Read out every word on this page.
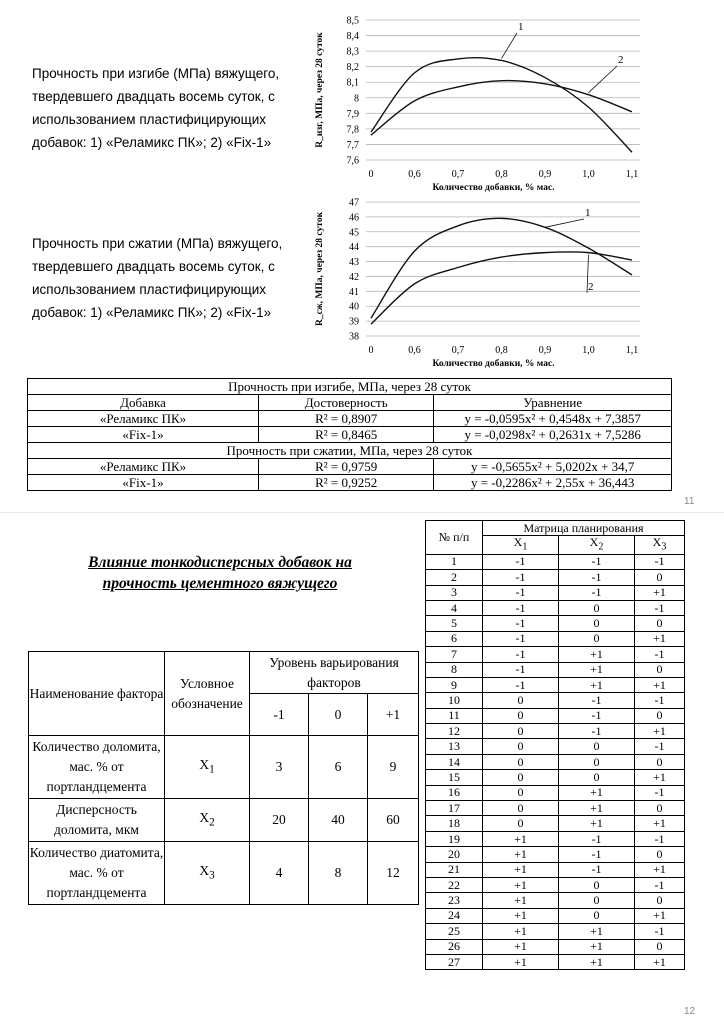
Прочность при изгибе (МПа) вяжущего, твердевшего двадцать восемь суток, с использованием пластифицирующих добавок: 1) «Реламикс ПК»; 2) «Fix-1»
Прочность при сжатии (МПа) вяжущего, твердевшего двадцать восемь суток, с использованием пластифицирующих добавок: 1) «Реламикс ПК»; 2) «Fix-1»
7,6
7,7
7,8
7,9
8
8,1
8,2
8,3
8,4
8,5
0	0,6	0,7	0,8	0,9	1,0	1,1
Количество добавки, % мас.
R_изг, МПа, через 28 суток
1
2
38
39
40
41
42
43
44
45
46
47
0	0,6	0,7	0,8	0,9	1,0	1,1
Количество добавки, % мас.
R_сж, МПа, через 28 суток	1
2
Прочность при изгибе, МПа, через 28 суток		
Добавка	Достоверность	Уравнение
«Реламикс ПК»	R² = 0,8907	y = -0,0595x² + 0,4548x + 7,3857
«Fix-1»	R² = 0,8465	y = -0,0298x² + 0,2631x + 7,5286
Прочность при сжатии, МПа, через 28 суток		
«Реламикс ПК»	R² = 0,9759	y = -0,5655x² + 5,0202x + 34,7
«Fix-1»	R² = 0,9252	y = -0,2286x² + 2,55x + 36,443
11
Влияние тонкодисперсных добавок на прочность цементного вяжущего
Наименование фактора	Условное обозначение	Уровень варьирования факторов		
		-1	0	+1
Количество доломита, мас. % от портландцемента	$X_1$	3	6	9
Дисперсность доломита, мкм	$X_2$	20	40	60
Количество диатомита, мас. % от портландцемента	$X_3$	4	8	12
№ п/п	Матрица планирования		
	$X_1$	$X_2$	$X_3$
1	-1	-1	-1
2	-1	-1	0
3	-1	-1	+1
4	-1	0	-1
5	-1	0	0
6	-1	0	+1
7	-1	+1	-1
8	-1	+1	0
9	-1	+1	+1
10	0	-1	-1
11	0	-1	0
12	0	-1	+1
13	0	0	-1
14	0	0	0
15	0	0	+1
16	0	+1	-1
17	0	+1	0
18	0	+1	+1
19	+1	-1	-1
20	+1	-1	0
21	+1	-1	+1
22	+1	0	-1
23	+1	0	0
24	+1	0	+1
25	+1	+1	-1
26	+1	+1	0
27	+1	+1	+1
12
